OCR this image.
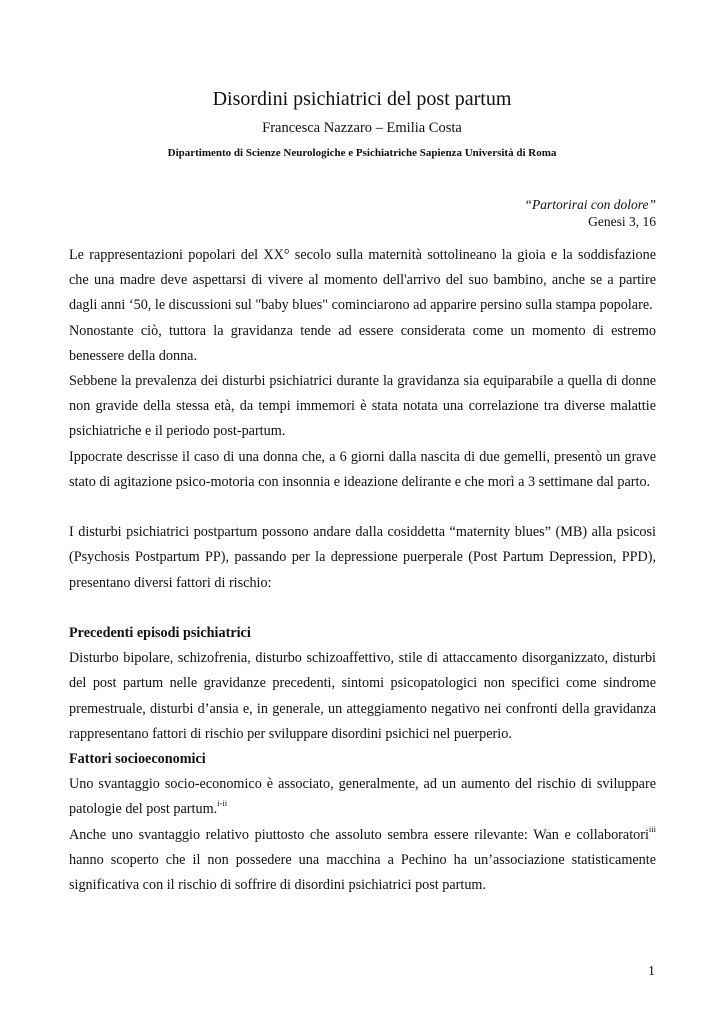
Disordini psichiatrici del post partum
Francesca Nazzaro – Emilia Costa
Dipartimento di Scienze Neurologiche e Psichiatriche Sapienza Università di Roma
“Partorirai con dolore”
Genesi 3, 16

Le rappresentazioni popolari del XX° secolo sulla maternità sottolineano la gioia e la soddisfazione che una madre deve aspettarsi di vivere al momento dell'arrivo del suo bambino, anche se a partire dagli anni ‘50, le discussioni sul "baby blues" cominciarono ad apparire persino sulla stampa popolare.

Nonostante ciò, tuttora la gravidanza tende ad essere considerata come un momento di estremo benessere della donna.

Sebbene la prevalenza dei disturbi psichiatrici durante la gravidanza sia equiparabile a quella di donne non gravide della stessa età, da tempi immemori è stata notata una correlazione tra diverse malattie psichiatriche e il periodo post-partum.

Ippocrate descrisse il caso di una donna che, a 6 giorni dalla nascita di due gemelli, presentò un grave stato di agitazione psico-motoria con insonnia e ideazione delirante e che morì a 3 settimane dal parto.

I disturbi psichiatrici postpartum possono andare dalla cosiddetta “maternity blues” (MB) alla psicosi (Psychosis Postpartum PP), passando per la depressione puerperale (Post Partum Depression, PPD), presentano diversi fattori di rischio:

Precedenti episodi psichiatrici

Disturbo bipolare, schizofrenia, disturbo schizoaffettivo, stile di attaccamento disorganizzato, disturbi del post partum nelle gravidanze precedenti, sintomi psicopatologici non specifici come sindrome premestruale, disturbi d’ansia e, in generale, un atteggiamento negativo nei confronti della gravidanza rappresentano fattori di rischio per sviluppare disordini psichici nel puerperio.

Fattori socioeconomici

Uno svantaggio socio-economico è associato, generalmente, ad un aumento del rischio di sviluppare patologie del post partum.$^{i-ii}$

Anche uno svantaggio relativo piuttosto che assoluto sembra essere rilevante: Wan e collaboratori$^{iii}$ hanno scoperto che il non possedere una macchina a Pechino ha un’associazione statisticamente significativa con il rischio di soffrire di disordini psichiatrici post partum.

1
